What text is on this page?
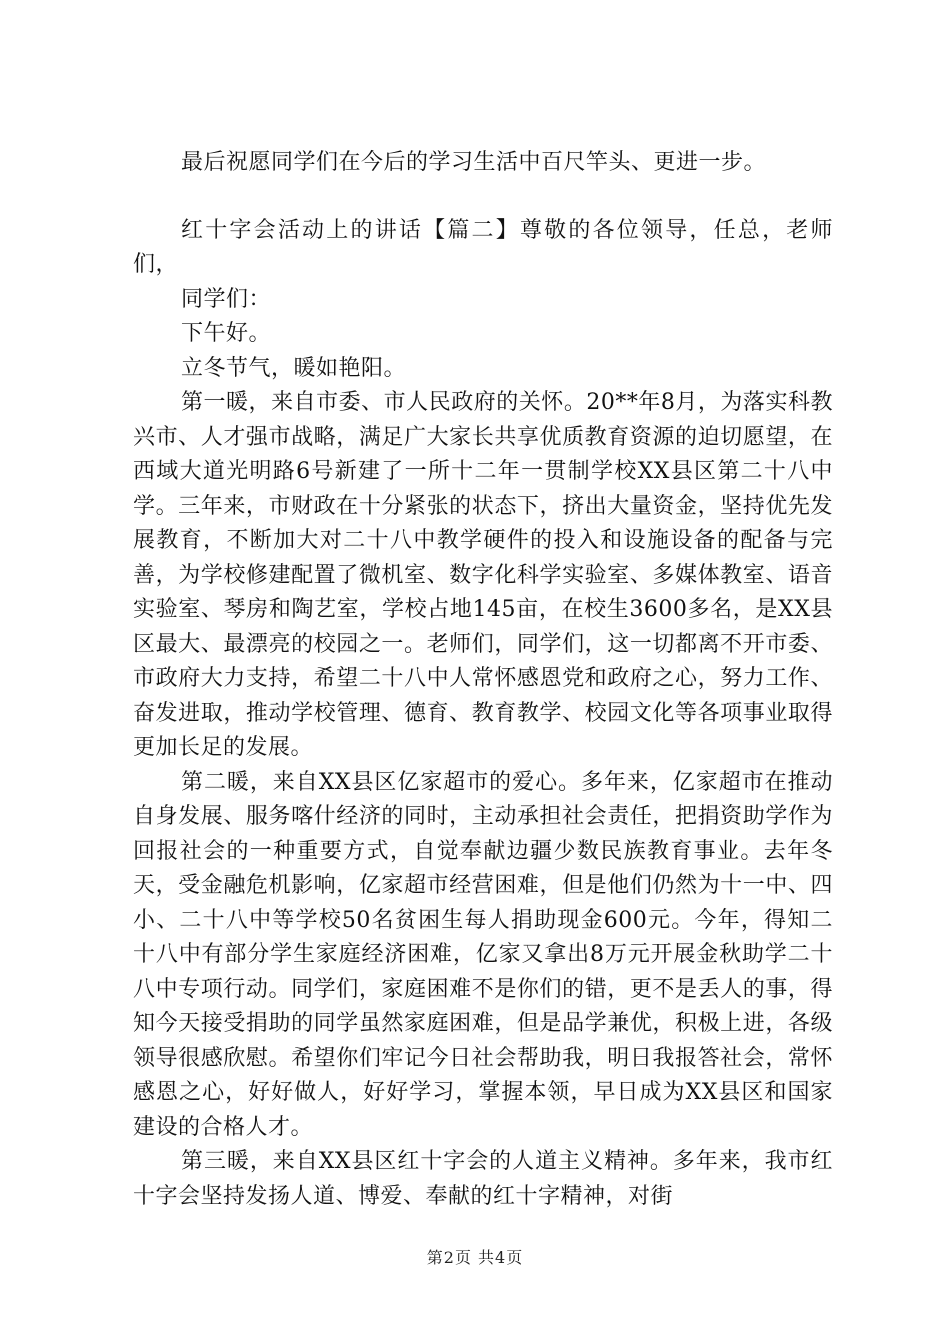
最后祝愿同学们在今后的学习生活中百尺竿头、更进一步。

红十字会活动上的讲话【篇二】尊敬的各位领导，任总，老师们，

同学们：

下午好。

立冬节气，暖如艳阳。

第一暖，来自市委、市人民政府的关怀。20**年8月，为落实科教兴市、人才强市战略，满足广大家长共享优质教育资源的迫切愿望，在西域大道光明路6号新建了一所十二年一贯制学校XX县区第二十八中学。三年来，市财政在十分紧张的状态下，挤出大量资金，坚持优先发展教育，不断加大对二十八中教学硬件的投入和设施设备的配备与完善，为学校修建配置了微机室、数字化科学实验室、多媒体教室、语音实验室、琴房和陶艺室，学校占地145亩，在校生3600多名，是XX县区最大、最漂亮的校园之一。老师们，同学们，这一切都离不开市委、市政府大力支持，希望二十八中人常怀感恩党和政府之心，努力工作、奋发进取，推动学校管理、德育、教育教学、校园文化等各项事业取得更加长足的发展。

第二暖，来自XX县区亿家超市的爱心。多年来，亿家超市在推动自身发展、服务喀什经济的同时，主动承担社会责任，把捐资助学作为回报社会的一种重要方式，自觉奉献边疆少数民族教育事业。去年冬天，受金融危机影响，亿家超市经营困难，但是他们仍然为十一中、四小、二十八中等学校50名贫困生每人捐助现金600元。今年，得知二十八中有部分学生家庭经济困难，亿家又拿出8万元开展金秋助学二十八中专项行动。同学们，家庭困难不是你们的错，更不是丢人的事，得知今天接受捐助的同学虽然家庭困难，但是品学兼优，积极上进，各级领导很感欣慰。希望你们牢记今日社会帮助我，明日我报答社会，常怀感恩之心，好好做人，好好学习，掌握本领，早日成为XX县区和国家建设的合格人才。

第三暖，来自XX县区红十字会的人道主义精神。多年来，我市红十字会坚持发扬人道、博爱、奉献的红十字精神，对街

第2页 共4页
